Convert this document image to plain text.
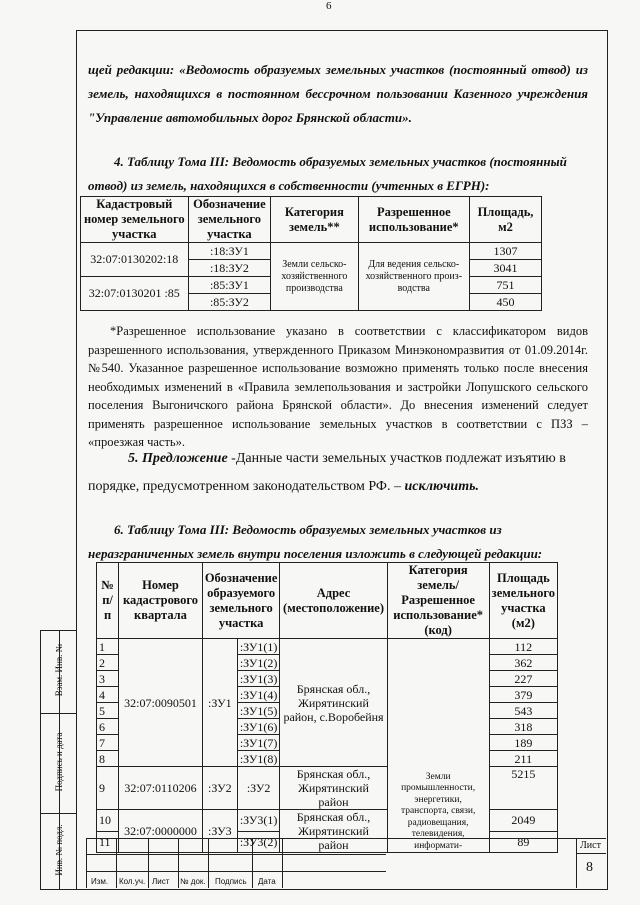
6
Взам. Инв. №
Подпись и дата
Инв. № подл.
щей редакции: «Ведомость образуемых земельных участков (постоянный отвод) из земель, находящихся в постоянном бессрочном пользовании Казенного учреждения "Управление автомобильных дорог Брянской области».
4. Таблицу Тома III: Ведомость образуемых земельных участков (постоянный отвод) из земель, находящихся в собственности (учтенных в ЕГРН):
Кадастровый номер земельного участка	Обозначение земельного участка	Категория земель**	Разрешенное использование*	Площадь, м2
32:07:0130202:18	:18:ЗУ1	Земли сельско-хозяйственного производства	Для ведения сельско-хозяйственного произ-водства	1307
	:18:ЗУ2			3041
32:07:0130201 :85	:85:ЗУ1			751
	:85:ЗУ2			450
*Разрешенное использование указано в соответствии с классификатором видов разрешенного использования, утвержденного Приказом Минэкономразвития от 01.09.2014г. №540. Указанное разрешенное использование возможно применять только после внесения необходимых изменений в «Правила землепользования и застройки Лопушского сельского поселения Выгоничского района Брянской области». До внесения изменений следует применять разрешенное использование земельных участков в соответствии с ПЗЗ – «проезжая часть».
5. Предложение -Данные части земельных участков подлежат изъятию в порядке, предусмотренном законодательством РФ. – исключить.
6. Таблицу Тома III: Ведомость образуемых земельных участков из неразграниченных земель внутри поселения изложить в следующей редакции:
№ п/п	Номер кадастрового квартала	Обозначение образуемого земельного участка		Адрес (местоположение)	Категория земель/ Разрешенное использование* (код)	Площадь земельного участка (м2)
1	32:07:0090501	:ЗУ1	:ЗУ1(1)	Брянская обл., Жирятинский район, с.Воробейня	Земли промышленности, энергетики, транспорта, связи, радиовещания, телевидения, информати-	112
2			:ЗУ1(2)			362
3			:ЗУ1(3)			227
4			:ЗУ1(4)			379
5			:ЗУ1(5)			543
6			:ЗУ1(6)			318
7			:ЗУ1(7)			189
8			:ЗУ1(8)			211
9	32:07:0110206	:ЗУ2	:ЗУ2	Брянская обл., Жирятинский район		5215
10	32:07:0000000	:ЗУ3	:ЗУ3(1)	Брянская обл., Жирятинский район		2049
11			:ЗУ3(2)			89
Изм. Кол.уч. Лист № док. Подпись Дата
Лист
8
